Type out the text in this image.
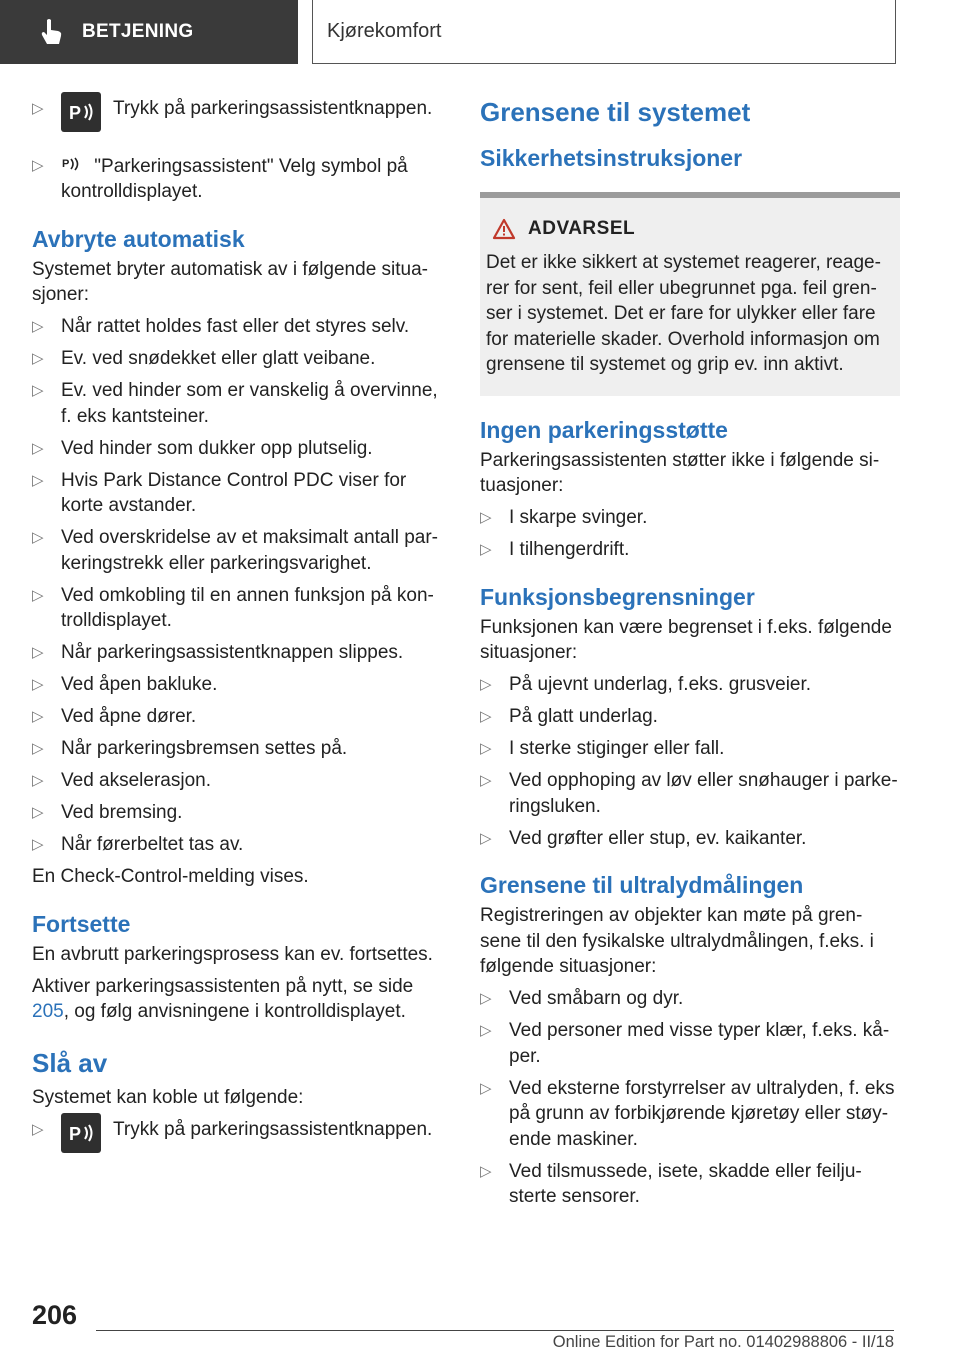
BETJENING	Kjørekomfort
▷ P Trykk på parkeringsassistentknappen.
▷ P "Parkeringsassistent" Velg symbol på kontrolldisplayet.
Avbryte automatisk
Systemet bryter automatisk av i følgende situa-sjoner:
▷ Når rattet holdes fast eller det styres selv.
▷ Ev. ved snødekket eller glatt veibane.
▷ Ev. ved hinder som er vanskelig å overvinne, f. eks kantsteiner.
▷ Ved hinder som dukker opp plutselig.
▷ Hvis Park Distance Control PDC viser for korte avstander.
▷ Ved overskridelse av et maksimalt antall par-keringstrekk eller parkeringsvarighet.
▷ Ved omkobling til en annen funksjon på kon-trolldisplayet.
▷ Når parkeringsassistentknappen slippes.
▷ Ved åpen bakluke.
▷ Ved åpne dører.
▷ Når parkeringsbremsen settes på.
▷ Ved akselerasjon.
▷ Ved bremsing.
▷ Når førerbeltet tas av.
En Check-Control-melding vises.
Fortsette
En avbrutt parkeringsprosess kan ev. fortsettes.
Aktiver parkeringsassistenten på nytt, se side 205, og følg anvisningene i kontrolldisplayet.
Slå av
Systemet kan koble ut følgende:
▷ P Trykk på parkeringsassistentknappen.
Grensene til systemet
Sikkerhetsinstruksjoner
ADVARSEL
Det er ikke sikkert at systemet reagerer, reage-rer for sent, feil eller ubegrunnet pga. feil gren-ser i systemet. Det er fare for ulykker eller fare for materielle skader. Overhold informasjon om grensene til systemet og grip ev. inn aktivt.
Ingen parkeringsstøtte
Parkeringsassistenten støtter ikke i følgende si-tuasjoner:
▷ I skarpe svinger.
▷ I tilhengerdrift.
Funksjonsbegrensninger
Funksjonen kan være begrenset i f.eks. følgende situasjoner:
▷ På ujevnt underlag, f.eks. grusveier.
▷ På glatt underlag.
▷ I sterke stiginger eller fall.
▷ Ved opphoping av løv eller snøhauger i parke-ringsluken.
▷ Ved grøfter eller stup, ev. kaikanter.
Grensene til ultralydmålingen
Registreringen av objekter kan møte på gren-sene til den fysikalske ultralydmålingen, f.eks. i følgende situasjoner:
▷ Ved småbarn og dyr.
▷ Ved personer med visse typer klær, f.eks. kå-per.
▷ Ved eksterne forstyrrelser av ultralyden, f. eks på grunn av forbikjørende kjøretøy eller støy-ende maskiner.
▷ Ved tilsmussede, isete, skadde eller feilju-sterte sensorer.
206
Online Edition for Part no. 01402988806 - II/18
